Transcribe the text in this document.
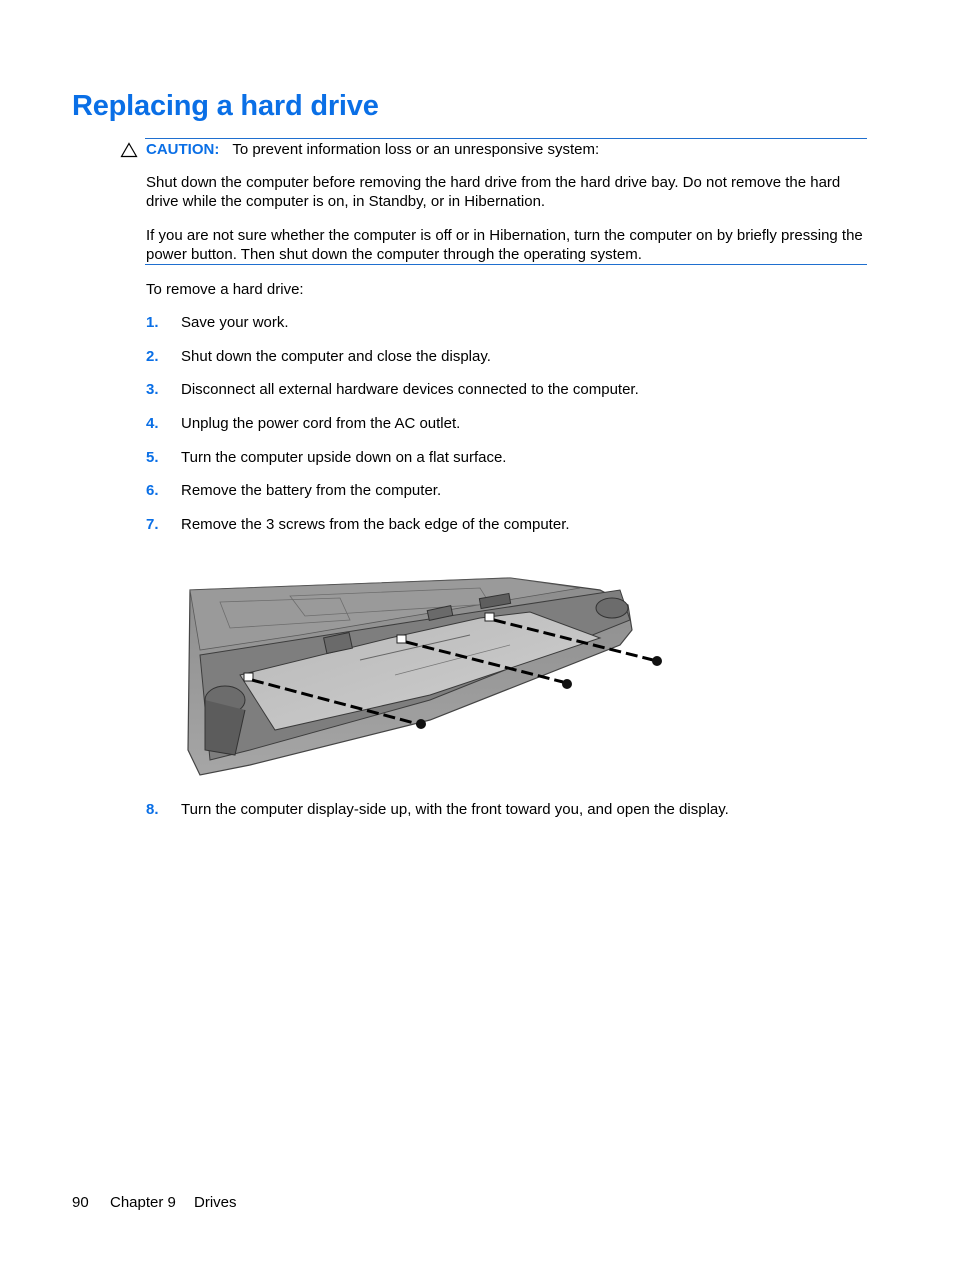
Replacing a hard drive
CAUTION: To prevent information loss or an unresponsive system:

Shut down the computer before removing the hard drive from the hard drive bay. Do not remove the hard drive while the computer is on, in Standby, or in Hibernation.

If you are not sure whether the computer is off or in Hibernation, turn the computer on by briefly pressing the power button. Then shut down the computer through the operating system.

To remove a hard drive:

1. Save your work.
2. Shut down the computer and close the display.
3. Disconnect all external hardware devices connected to the computer.
4. Unplug the power cord from the AC outlet.
5. Turn the computer upside down on a flat surface.
6. Remove the battery from the computer.
7. Remove the 3 screws from the back edge of the computer.
8. Turn the computer display-side up, with the front toward you, and open the display.
90 Chapter 9 Drives
